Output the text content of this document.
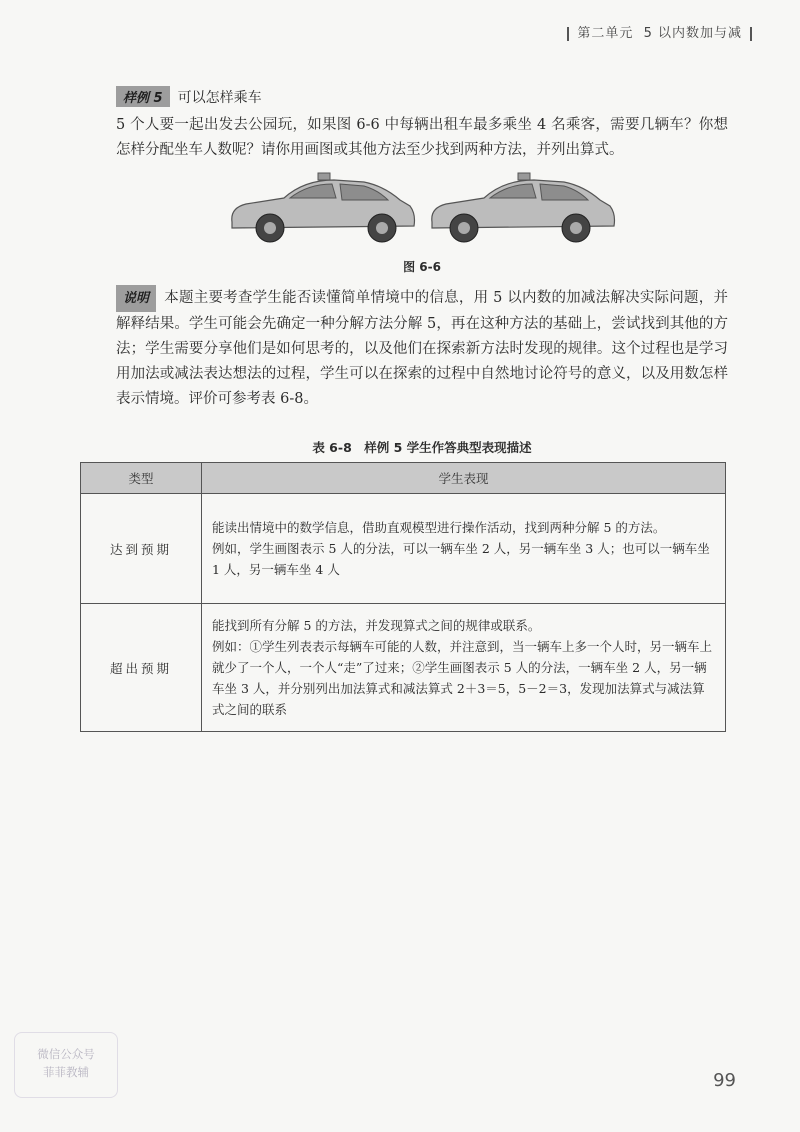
第二单元 5 以内数加与减
样例 5 可以怎样乘车
5 个人要一起出发去公园玩，如果图 6-6 中每辆出租车最多乘坐 4 名乘客，需要几辆车？你想怎样分配坐车人数呢？请你用画图或其他方法至少找到两种方法，并列出算式。
图 6-6
说明 本题主要考查学生能否读懂简单情境中的信息，用 5 以内数的加减法解决实际问题，并解释结果。学生可能会先确定一种分解方法分解 5，再在这种方法的基础上，尝试找到其他的方法；学生需要分享他们是如何思考的，以及他们在探索新方法时发现的规律。这个过程也是学习用加法或减法表达想法的过程，学生可以在探索的过程中自然地讨论符号的意义，以及用数怎样表示情境。评价可参考表 6-8。
表 6-8　样例 5 学生作答典型表现描述
类型	学生表现
达到预期	能读出情境中的数学信息，借助直观模型进行操作活动，找到两种分解 5 的方法。
例如，学生画图表示 5 人的分法，可以一辆车坐 2 人，另一辆车坐 3 人；也可以一辆车坐 1 人，另一辆车坐 4 人

超出预期	能找到所有分解 5 的方法，并发现算式之间的规律或联系。
例如：①学生列表表示每辆车可能的人数，并注意到，当一辆车上多一个人时，另一辆车上就少了一个人，一个人“走”了过来；②学生画图表示 5 人的分法，一辆车坐 2 人，另一辆车坐 3 人，并分别列出加法算式和减法算式 2＋3＝5，5－2＝3，发现加法算式与减法算式之间的联系
微信公众号
菲菲教辅	99
